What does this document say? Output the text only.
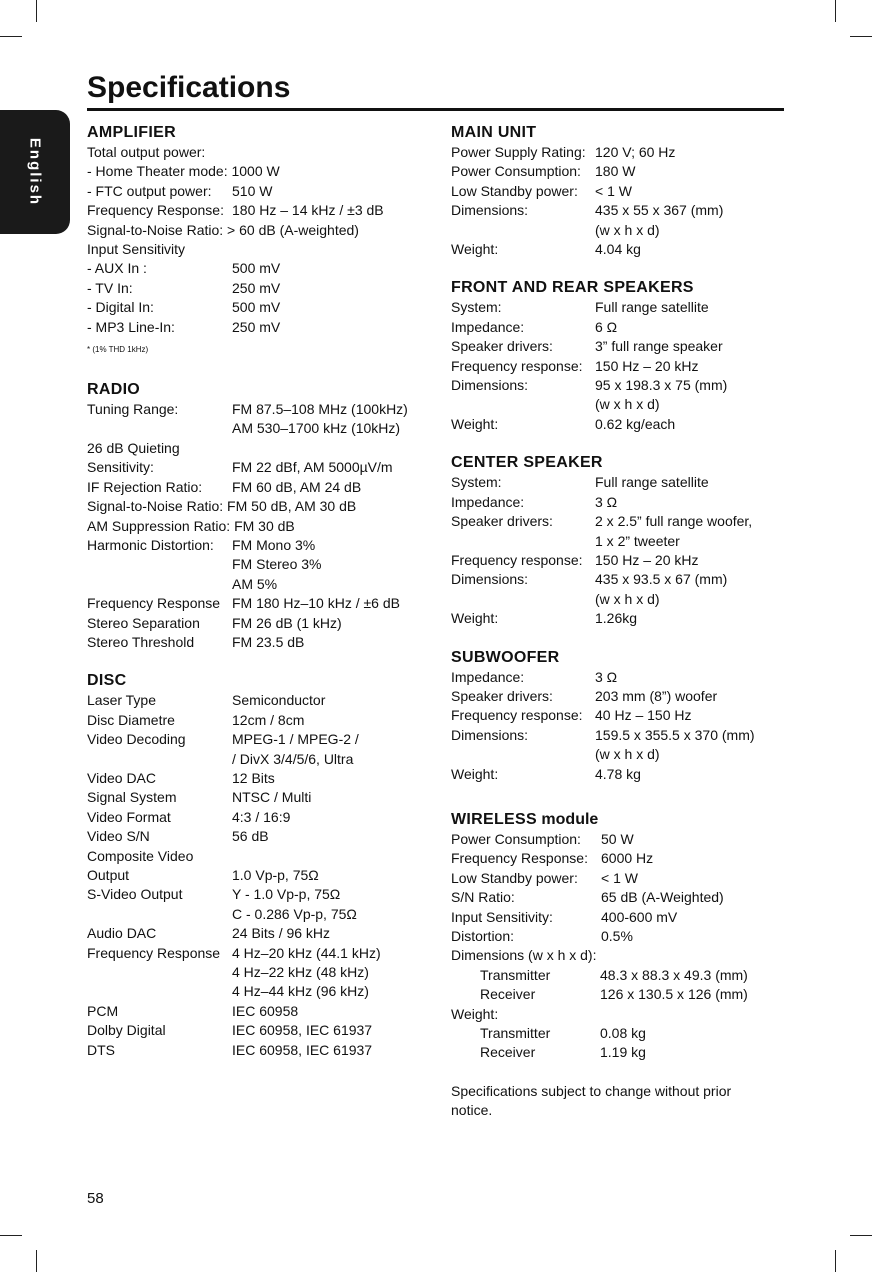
English
Specifications
AMPLIFIER
Total output power:
- Home Theater mode: 1000 W
- FTC output power:	510 W
Frequency Response: 180 Hz – 14 kHz / ±3 dB
Signal-to-Noise Ratio: > 60 dB (A-weighted)
Input Sensitivity
- AUX In :	500 mV
- TV In:	250 mV
- Digital In:	500 mV
- MP3 Line-In:	250 mV
* (1% THD 1kHz)
RADIO
Tuning Range:	FM 87.5–108 MHz (100kHz)
AM 530–1700 kHz (10kHz)
26 dB Quieting
Sensitivity:	FM 22 dBf, AM 5000µV/m
IF Rejection Ratio:	FM 60 dB, AM 24 dB
Signal-to-Noise Ratio: FM 50 dB, AM 30 dB
AM Suppression Ratio: FM 30 dB
Harmonic Distortion:	FM Mono 3%
FM Stereo 3%
AM 5%
Frequency Response FM 180 Hz–10 kHz / ±6 dB
Stereo Separation	FM 26 dB (1 kHz)
Stereo Threshold	FM 23.5 dB
DISC
Laser Type	Semiconductor
Disc Diametre	12cm / 8cm
Video Decoding	MPEG-1 / MPEG-2 /
/ DivX 3/4/5/6, Ultra
Video DAC	12 Bits
Signal System	NTSC / Multi
Video Format	4:3 / 16:9
Video S/N	56 dB
Composite Video
Output	1.0 Vp-p, 75Ω
S-Video Output	Y - 1.0 Vp-p, 75Ω
C - 0.286 Vp-p, 75Ω
Audio DAC	24 Bits / 96 kHz
Frequency Response 4 Hz–20 kHz (44.1 kHz)
4 Hz–22 kHz (48 kHz)
4 Hz–44 kHz (96 kHz)
PCM	IEC 60958
Dolby Digital	IEC 60958, IEC 61937
DTS	IEC 60958, IEC 61937
MAIN UNIT
Power Supply Rating: 120 V; 60 Hz
Power Consumption:	180 W
Low Standby power:	< 1 W
Dimensions:	435 x 55 x 367 (mm)
(w x h x d)
Weight:	4.04 kg
FRONT AND REAR SPEAKERS
System:	Full range satellite
Impedance:	6 Ω
Speaker drivers:	3” full range speaker
Frequency response: 150 Hz – 20 kHz
Dimensions:	95 x 198.3 x 75 (mm)
(w x h x d)
Weight:	0.62 kg/each
CENTER SPEAKER
System:	Full range satellite
Impedance:	3 Ω
Speaker drivers:	2 x 2.5” full range woofer,
1 x 2” tweeter
Frequency response: 150 Hz – 20 kHz
Dimensions:	435 x 93.5 x 67 (mm)
(w x h x d)
Weight:	1.26kg
SUBWOOFER
Impedance:	3 Ω
Speaker drivers:	203 mm (8”) woofer
Frequency response: 40 Hz – 150 Hz
Dimensions:	159.5 x 355.5 x 370 (mm)
(w x h x d)
Weight:	4.78 kg
WIRELESS module
Power Consumption:	50 W
Frequency Response: 6000 Hz
Low Standby power:	< 1 W
S/N Ratio:	65 dB (A-Weighted)
Input Sensitivity:	400-600 mV
Distortion:	0.5%
Dimensions (w x h x d):
Transmitter	48.3 x 88.3 x 49.3 (mm)
Receiver	126 x 130.5 x 126 (mm)
Weight:
Transmitter	0.08 kg
Receiver	1.19 kg
Specifications subject to change without prior notice.
58
